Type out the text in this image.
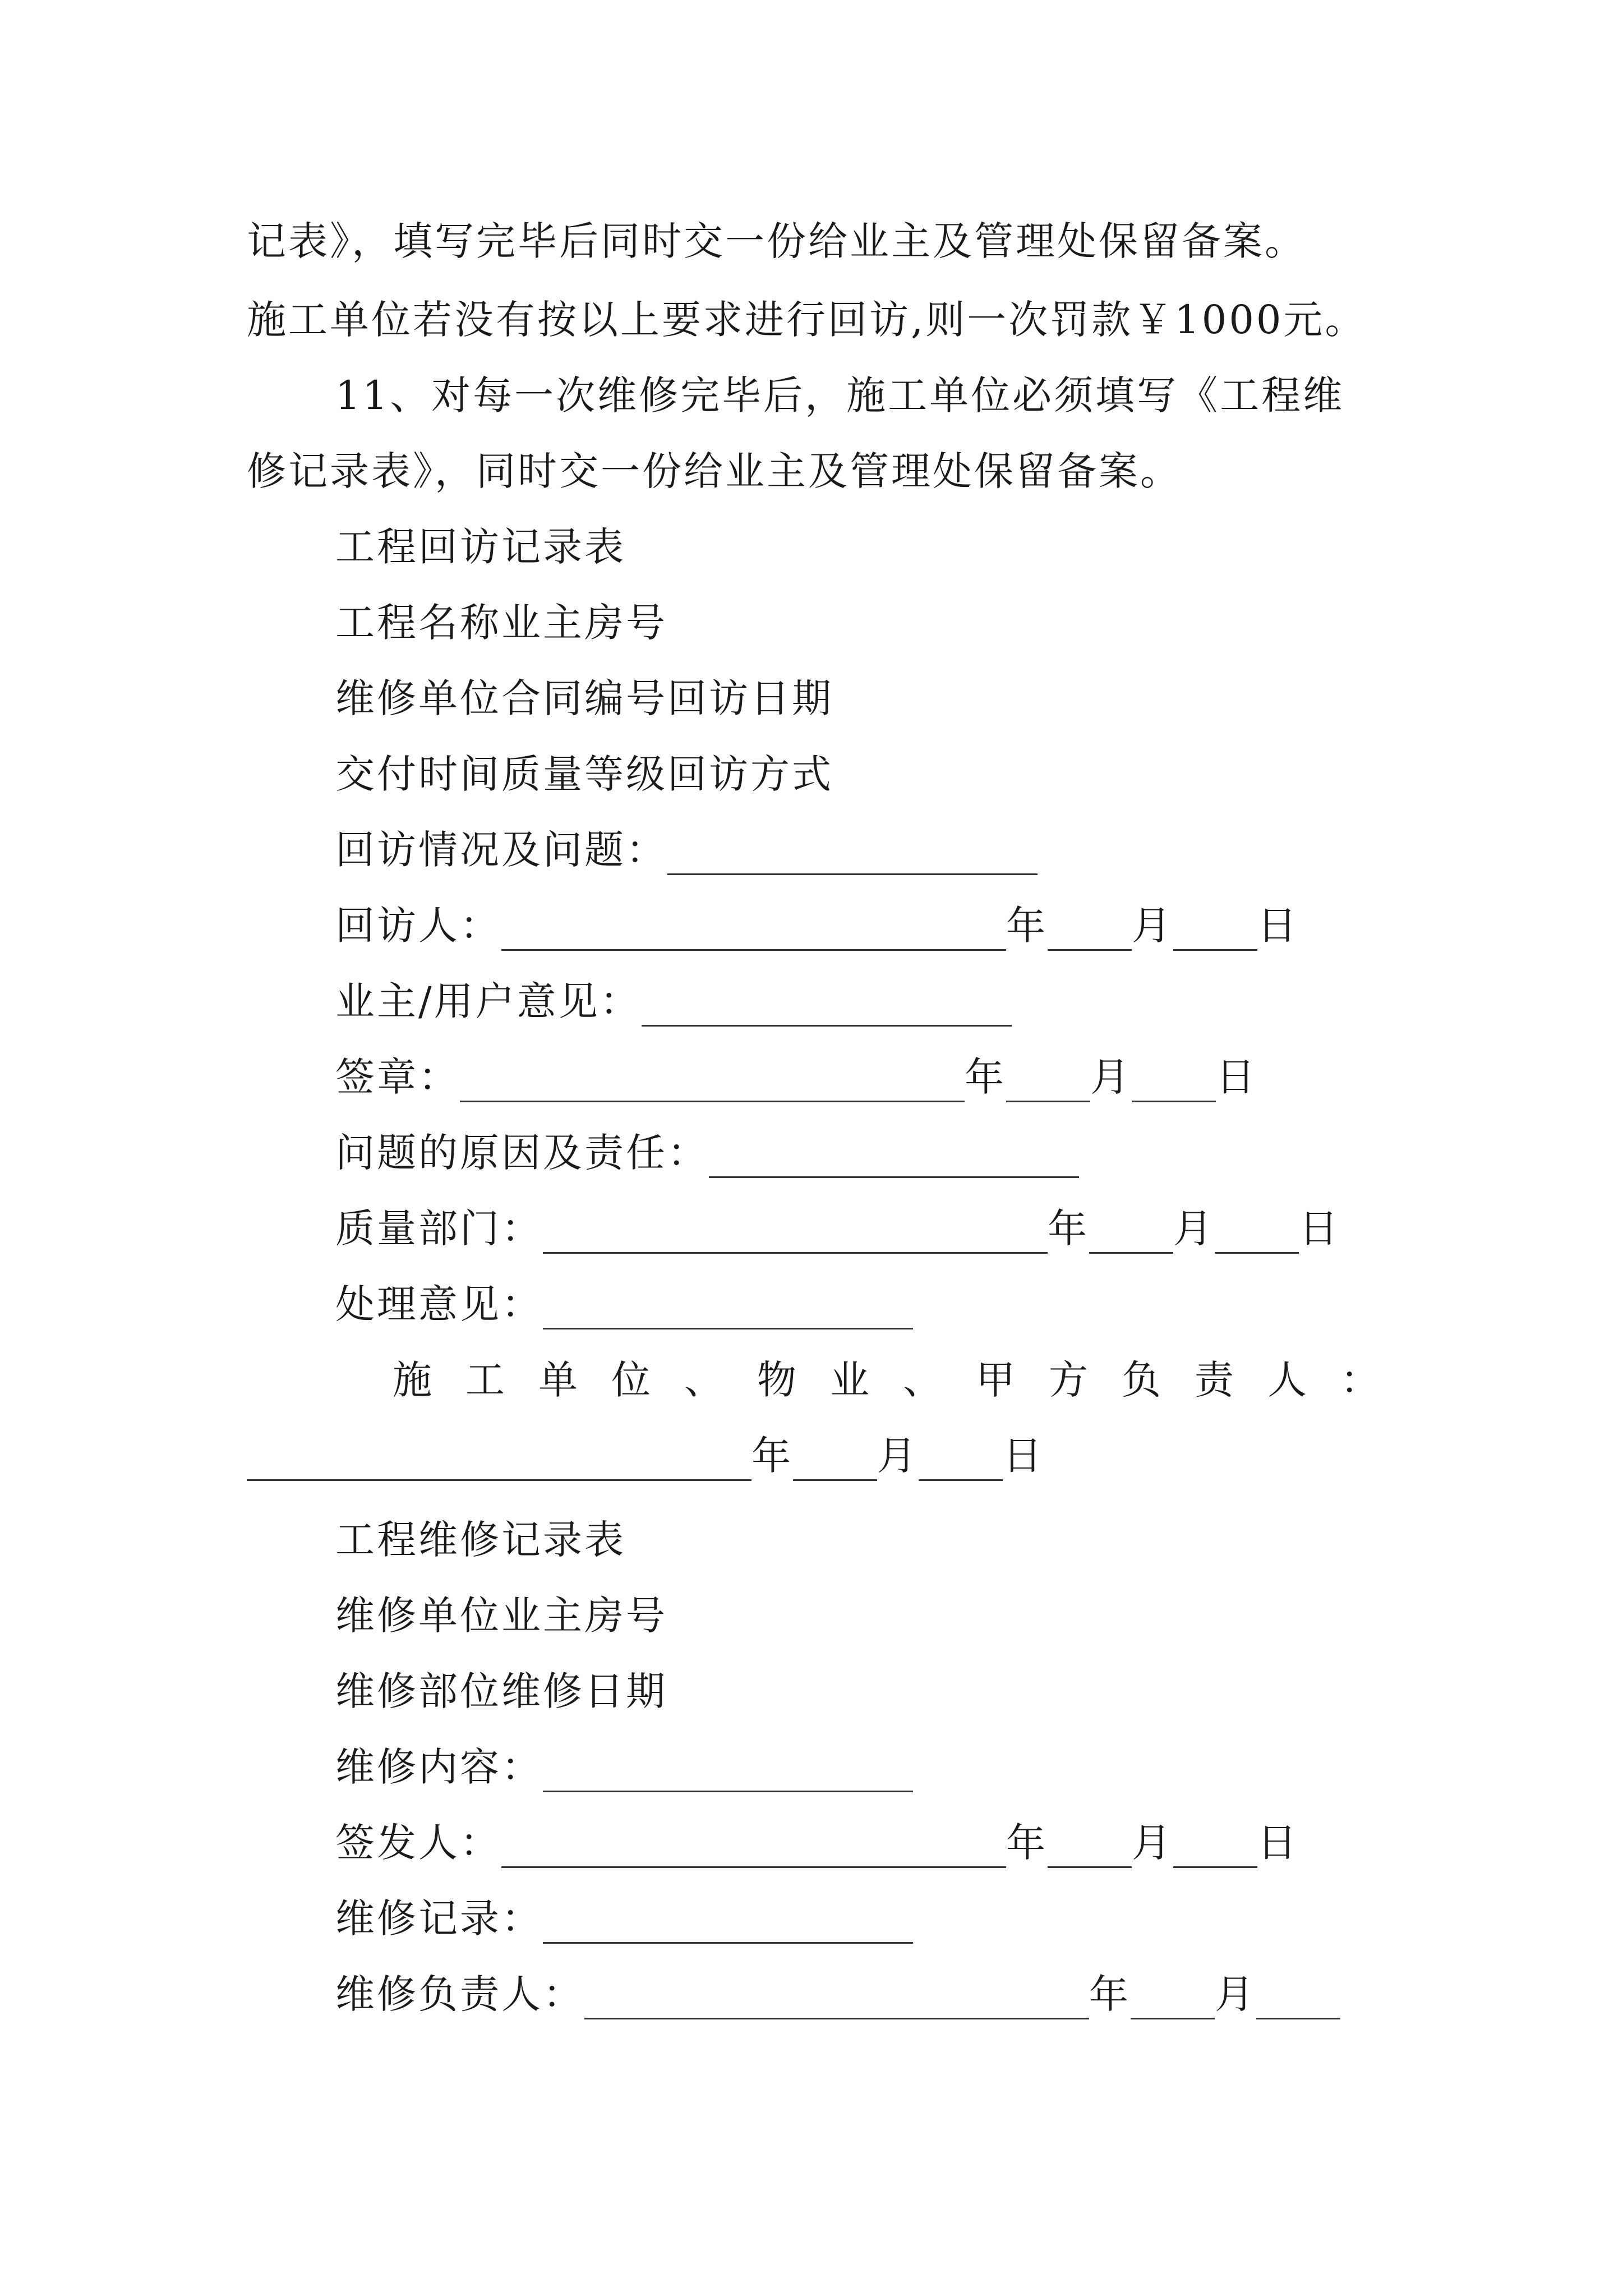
记表》，填写完毕后同时交一份给业主及管理处保留备案。
施工单位若没有按以上要求进行回访,则一次罚款￥1000元。
11、对每一次维修完毕后，施工单位必须填写《工程维
修记录表》，同时交一份给业主及管理处保留备案。
工程回访记录表
工程名称业主房号
维修单位合同编号回访日期
交付时间质量等级回访方式
回访情况及问题：
回访人：	年 月 日
业主/用户意见：
签章：	年 月 日
问题的原因及责任：
质量部门：	年 月 日
处理意见：
施工单位、物业、甲方负责人：
年 月 日
工程维修记录表
维修单位业主房号
维修部位维修日期
维修内容：
签发人：	年 月 日
维修记录：
维修负责人：	年 月
